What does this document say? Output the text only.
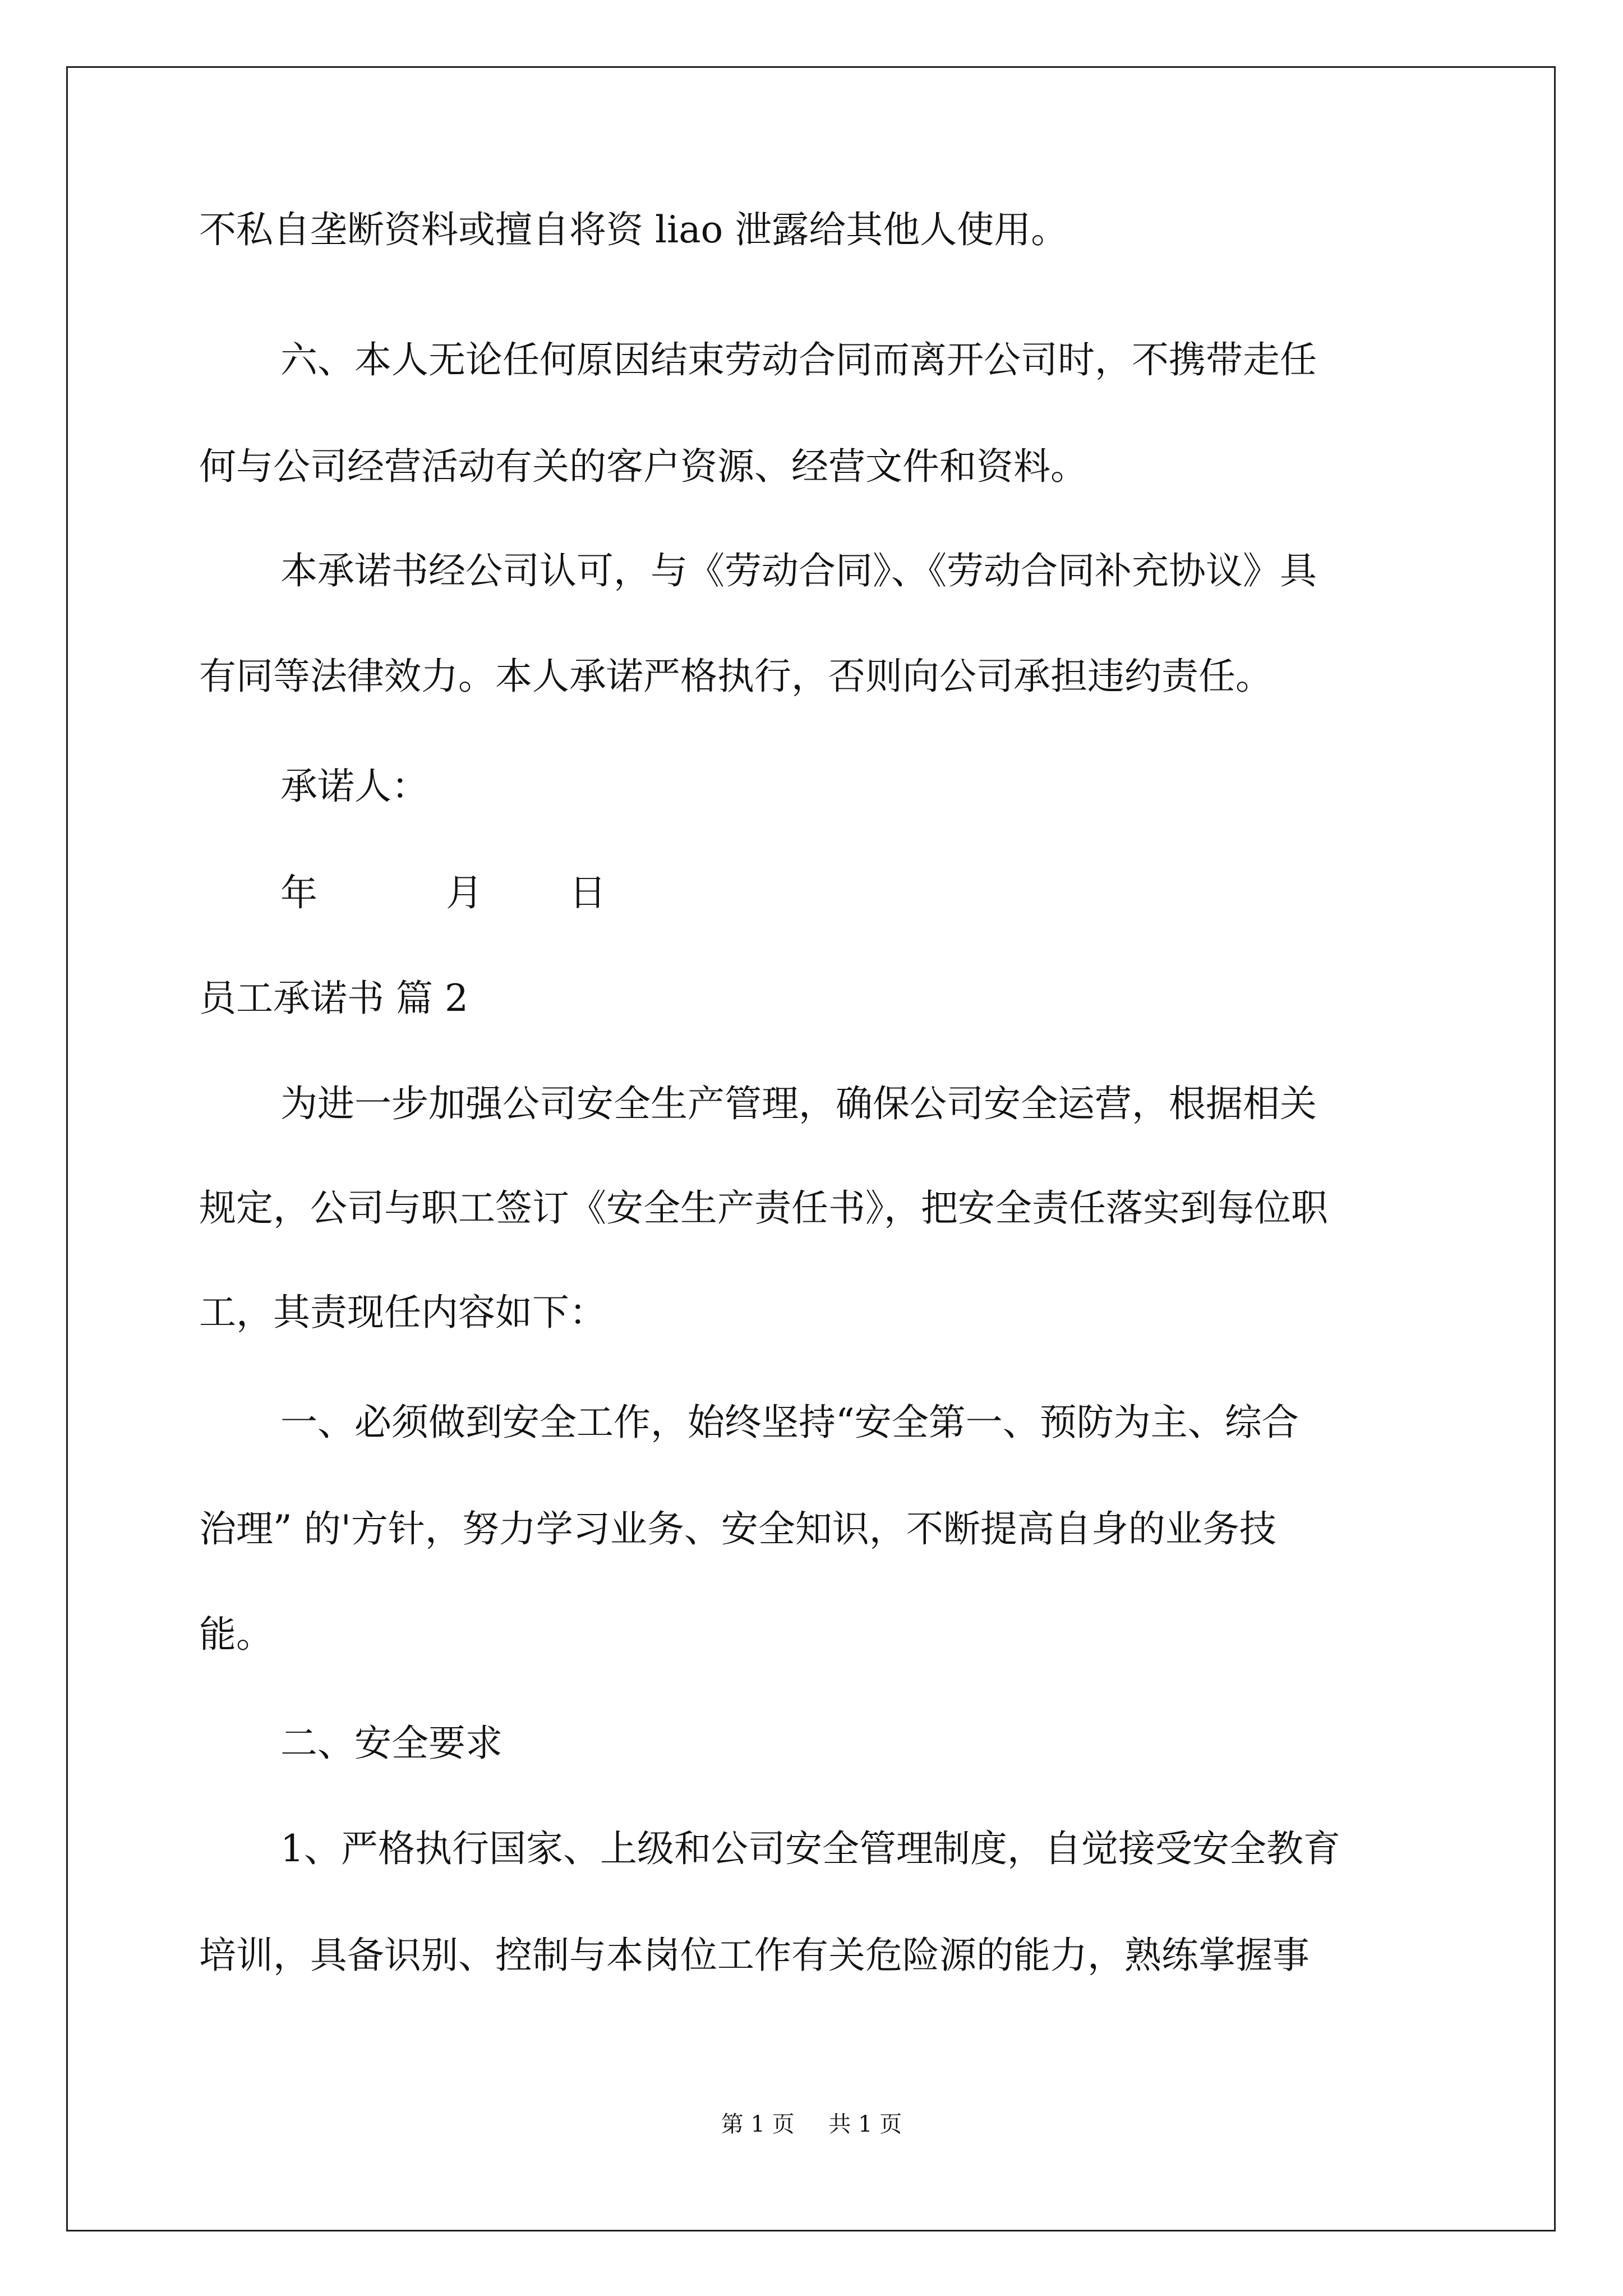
不私自垄断资料或擅自将资 liao 泄露给其他人使用。
六、本人无论任何原因结束劳动合同而离开公司时，不携带走任
何与公司经营活动有关的客户资源、经营文件和资料。
本承诺书经公司认可，与《劳动合同》、《劳动合同补充协议》具
有同等法律效力。本人承诺严格执行，否则向公司承担违约责任。
承诺人：
年	月 日
员工承诺书 篇 2
为进一步加强公司安全生产管理，确保公司安全运营，根据相关
规定，公司与职工签订《安全生产责任书》，把安全责任落实到每位职
工，其责现任内容如下：
一、必须做到安全工作，始终坚持“安全第一、预防为主、综合
治理” 的'方针，努力学习业务、安全知识，不断提高自身的业务技
能。
二、安全要求
1、严格执行国家、上级和公司安全管理制度，自觉接受安全教育
培训，具备识别、控制与本岗位工作有关危险源的能力，熟练掌握事
第 1 页 共 1 页
